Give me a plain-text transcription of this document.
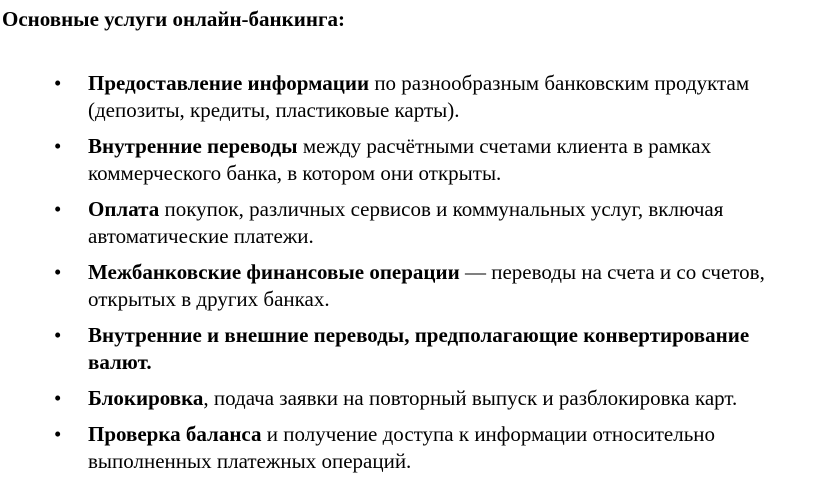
Основные услуги онлайн-банкинга:
• Предоставление информации по разнообразным банковским продуктам (депозиты, кредиты, пластиковые карты).
• Внутренние переводы между расчётными счетами клиента в рамках коммерческого банка, в котором они открыты.
• Оплата покупок, различных сервисов и коммунальных услуг, включая автоматические платежи.
• Межбанковские финансовые операции — переводы на счета и со счетов, открытых в других банках.
• Внутренние и внешние переводы, предполагающие конвертирование валют.
• Блокировка, подача заявки на повторный выпуск и разблокировка карт.
• Проверка баланса и получение доступа к информации относительно выполненных платежных операций.
